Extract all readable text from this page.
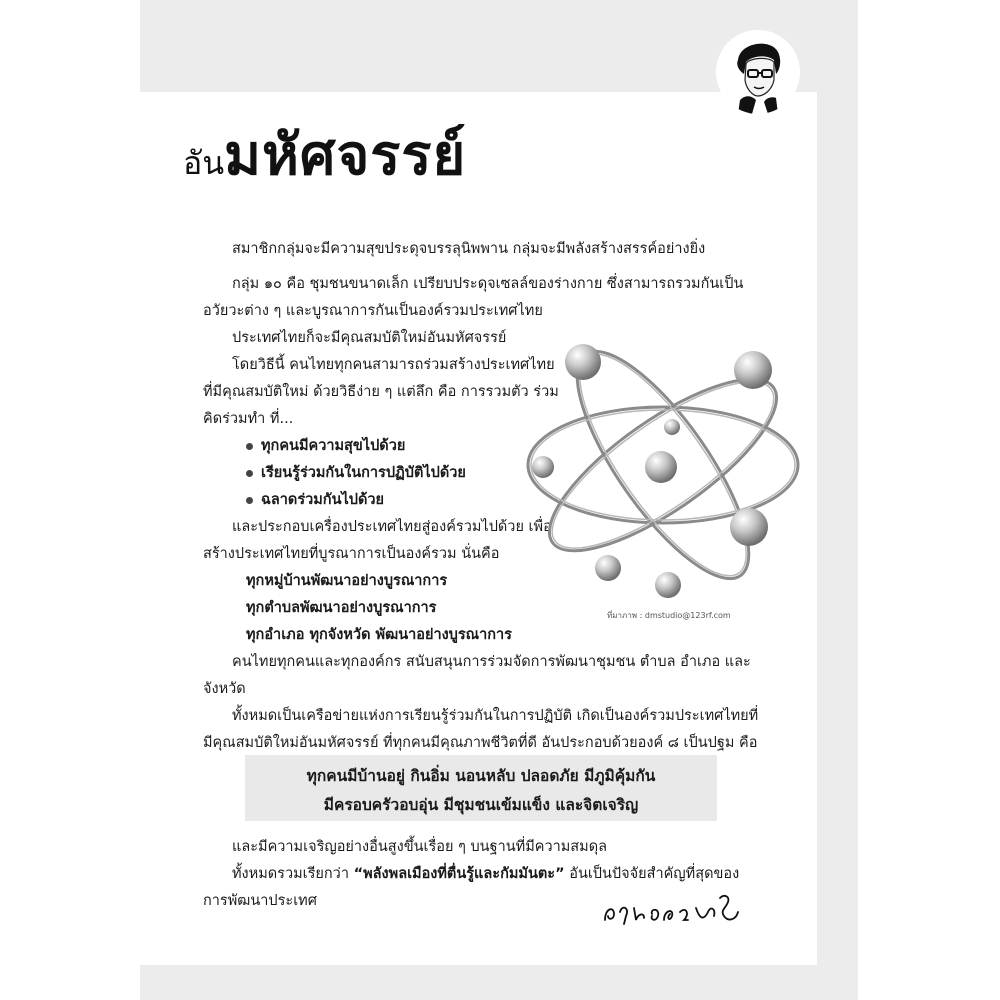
อันมหัศจรรย์
สมาชิกกลุ่มจะมีความสุขประดุจบรรลุนิพพาน กลุ่มจะมีพลังสร้างสรรค์อย่างยิ่ง
กลุ่ม ๑๐ คือ ชุมชนขนาดเล็ก เปรียบประดุจเซลล์ของร่างกาย ซึ่งสามารถรวมกันเป็น
อวัยวะต่าง ๆ และบูรณาการกันเป็นองค์รวมประเทศไทย
ประเทศไทยก็จะมีคุณสมบัติใหม่อันมหัศจรรย์
โดยวิธีนี้ คนไทยทุกคนสามารถร่วมสร้างประเทศไทย
ที่มีคุณสมบัติใหม่ ด้วยวิธีง่าย ๆ แต่ลึก คือ การรวมตัว ร่วม
คิดร่วมทำ ที่...
ทุกคนมีความสุขไปด้วย
เรียนรู้ร่วมกันในการปฏิบัติไปด้วย
ฉลาดร่วมกันไปด้วย
และประกอบเครื่องประเทศไทยสู่องค์รวมไปด้วย เพื่อ
สร้างประเทศไทยที่บูรณาการเป็นองค์รวม นั่นคือ
ทุกหมู่บ้านพัฒนาอย่างบูรณาการ
ทุกตำบลพัฒนาอย่างบูรณาการ
ทุกอำเภอ ทุกจังหวัด พัฒนาอย่างบูรณาการ
คนไทยทุกคนและทุกองค์กร สนับสนุนการร่วมจัดการพัฒนาชุมชน ตำบล อำเภอ และ
จังหวัด
ทั้งหมดเป็นเครือข่ายแห่งการเรียนรู้ร่วมกันในการปฏิบัติ เกิดเป็นองค์รวมประเทศไทยที่
มีคุณสมบัติใหม่อันมหัศจรรย์ ที่ทุกคนมีคุณภาพชีวิตที่ดี อันประกอบด้วยองค์ ๘ เป็นปฐม คือ
และมีความเจริญอย่างอื่นสูงขึ้นเรื่อย ๆ บนฐานที่มีความสมดุล
ทั้งหมดรวมเรียกว่า “พลังพลเมืองที่ตื่นรู้และกัมมันตะ” อันเป็นปัจจัยสำคัญที่สุดของ
การพัฒนาประเทศ
ทุกคนมีบ้านอยู่ กินอิ่ม นอนหลับ ปลอดภัย มีภูมิคุ้มกัน
มีครอบครัวอบอุ่น มีชุมชนเข้มแข็ง และจิตเจริญ
ที่มาภาพ : dmstudio@123rf.com
